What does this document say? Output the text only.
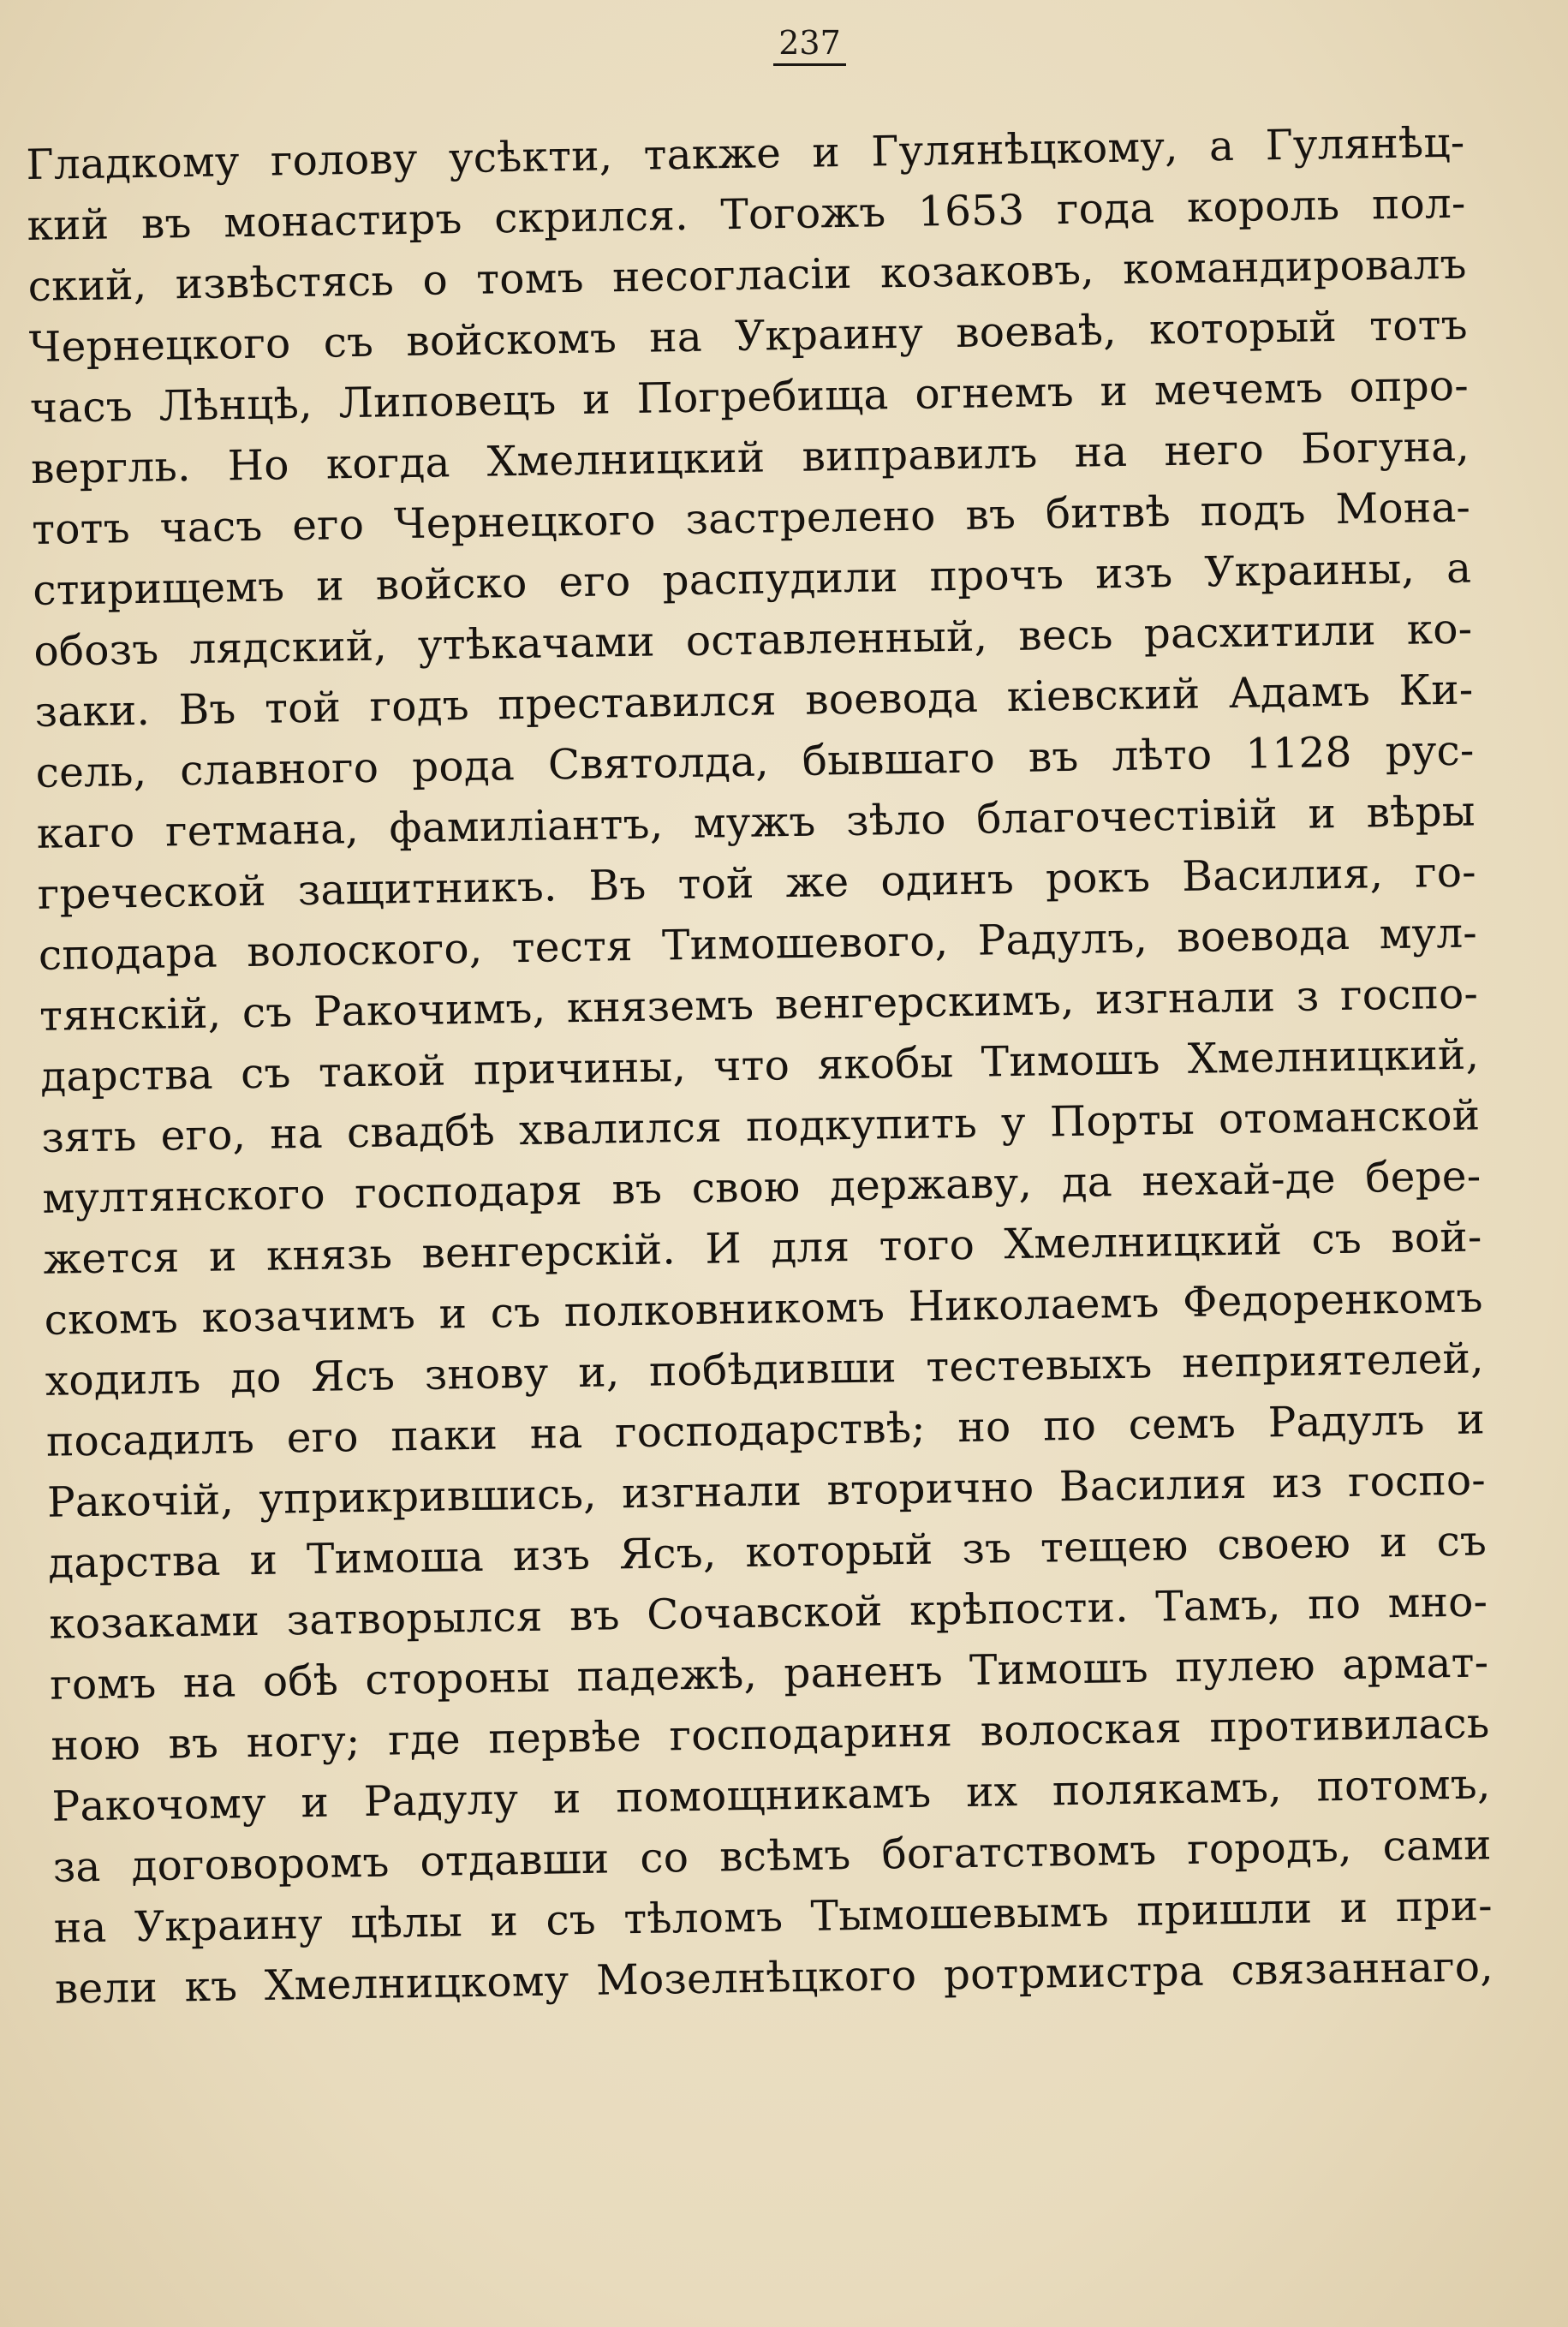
237
Гладкому голову усѣкти, также и Гулянѣцкому, а Гулянѣц-
кий въ монастиръ скрился. Тогожъ 1653 года король пол-
ский, извѣстясь о томъ несогласіи козаковъ, командировалъ
Чернецкого съ войскомъ на Украину воеваѣ, который тотъ
часъ Лѣнцѣ, Липовецъ и Погребища огнемъ и мечемъ опро-
вергль. Но когда Хмелницкий виправилъ на него Богуна,
тотъ часъ его Чернецкого застрелено въ битвѣ подъ Мона-
стирищемъ и войско его распудили прочъ изъ Украины, а
обозъ лядский, утѣкачами оставленный, весь расхитили ко-
заки. Въ той годъ преставился воевода кіевский Адамъ Ки-
сель, славного рода Святолда, бывшаго въ лѣто 1128 рус-
каго гетмана, фамиліантъ, мужъ зѣло благочестівій и вѣры
греческой защитникъ. Въ той же одинъ рокъ Василия, го-
сподара волоского, тестя Тимошевого, Радулъ, воевода мул-
тянскій, съ Ракочимъ, княземъ венгерскимъ, изгнали з госпо-
дарства съ такой причины, что якобы Тимошъ Хмелницкий,
зять его, на свадбѣ хвалился подкупить у Порты отоманской
мултянского господаря въ свою державу, да нехай-де бере-
жется и князь венгерскій. И для того Хмелницкий съ вой-
скомъ козачимъ и съ полковникомъ Николаемъ Федоренкомъ
ходилъ до Ясъ знову и, побѣдивши тестевыхъ неприятелей,
посадилъ его паки на господарствѣ; но по семъ Радулъ и
Ракочій, уприкрившись, изгнали вторично Василия из госпо-
дарства и Тимоша изъ Ясъ, который зъ тещею своею и съ
козаками затворылся въ Сочавской крѣпости. Тамъ, по мно-
гомъ на обѣ стороны падежѣ, раненъ Тимошъ пулею армат-
ною въ ногу; где первѣе господариня волоская противилась
Ракочому и Радулу и помощникамъ их полякамъ, потомъ,
за договоромъ отдавши со всѣмъ богатствомъ городъ, сами
на Украину цѣлы и съ тѣломъ Тымошевымъ пришли и при-
вели къ Хмелницкому Мозелнѣцкого ротрмистра связаннаго,
